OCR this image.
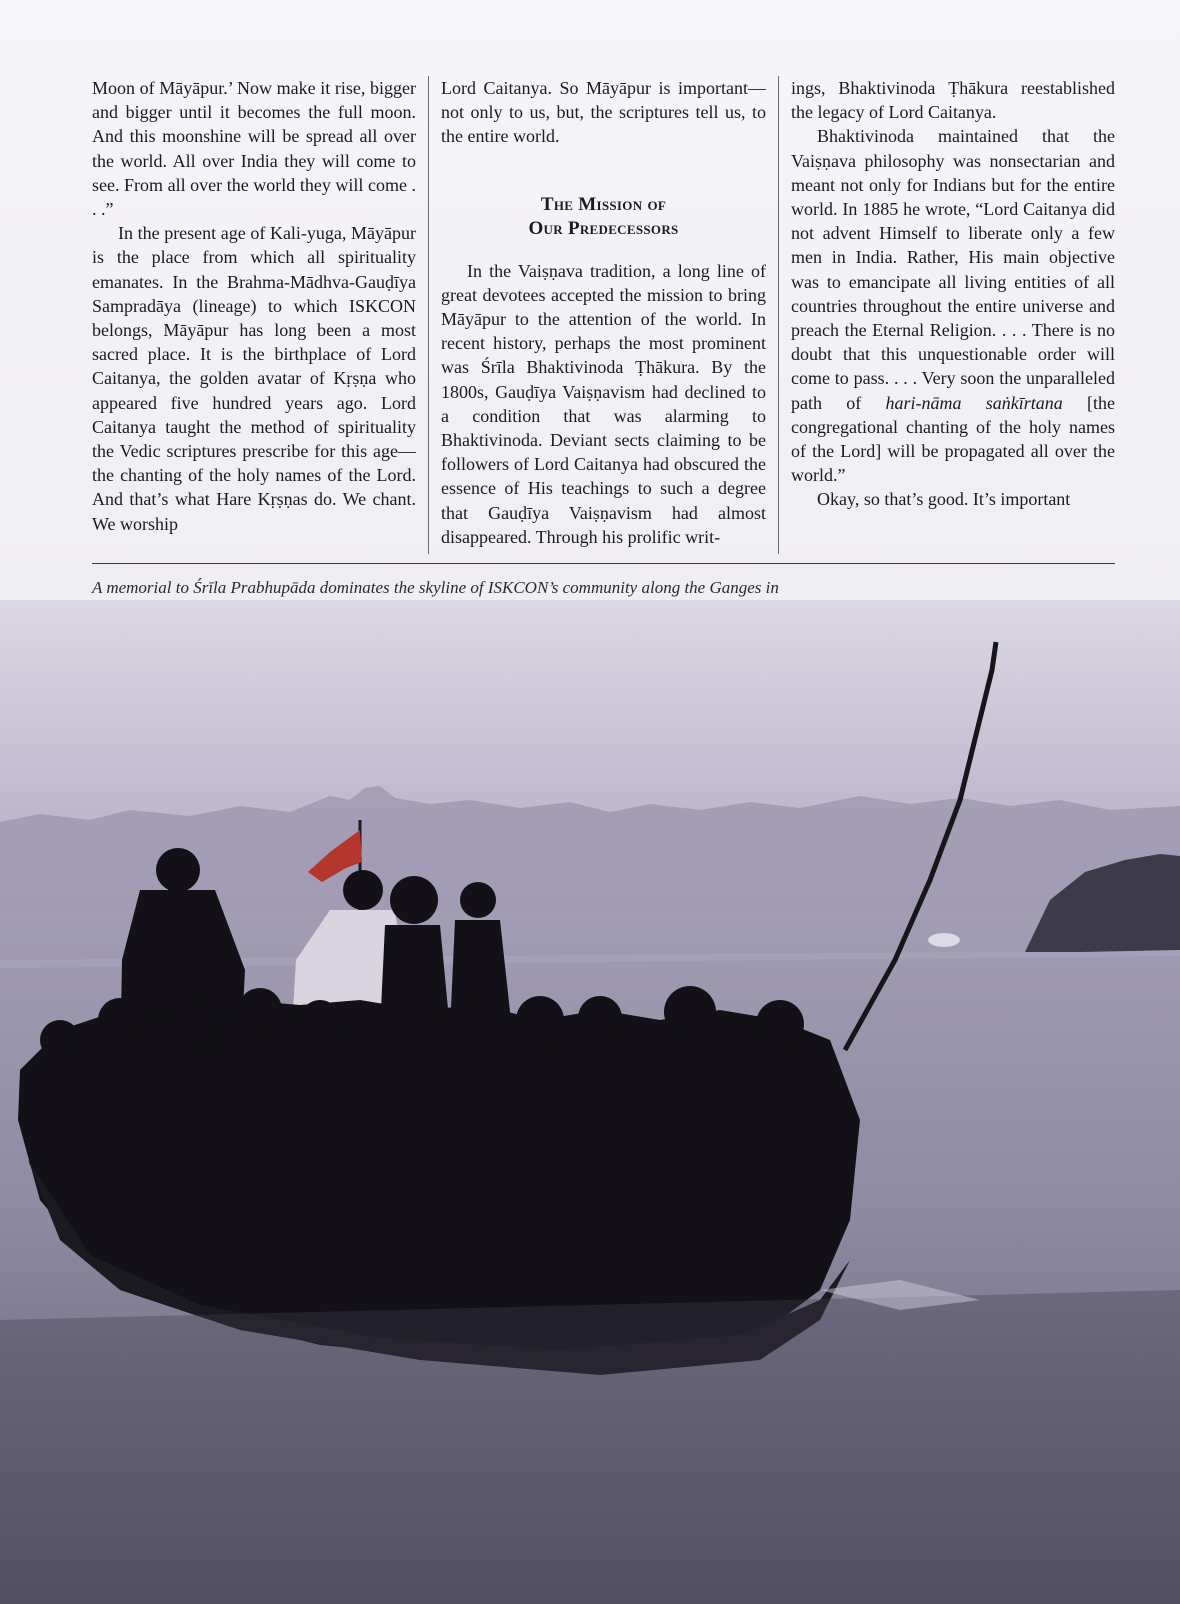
Moon of Māyāpur.’ Now make it rise, bigger and bigger until it becomes the full moon. And this moonshine will be spread all over the world. All over India they will come to see. From all over the world they will come . . .”

In the present age of Kali-yuga, Māyāpur is the place from which all spirituality emanates. In the Brahma-Mādhva-Gauḍīya Sampradāya (lineage) to which ISKCON belongs, Māyāpur has long been a most sacred place. It is the birthplace of Lord Caitanya, the golden avatar of Kṛṣṇa who appeared five hundred years ago. Lord Caitanya taught the method of spirituality the Vedic scriptures prescribe for this age—the chanting of the holy names of the Lord. And that’s what Hare Kṛṣṇas do. We chant. We worship

Lord Caitanya. So Māyāpur is important—not only to us, but, the scriptures tell us, to the entire world.

The Mission of
Our Predecessors

In the Vaiṣṇava tradition, a long line of great devotees accepted the mission to bring Māyāpur to the attention of the world. In recent history, perhaps the most prominent was Śrīla Bhaktivinoda Ṭhākura. By the 1800s, Gauḍīya Vaiṣṇavism had declined to a condition that was alarming to Bhaktivinoda. Deviant sects claiming to be followers of Lord Caitanya had obscured the essence of His teachings to such a degree that Gauḍīya Vaiṣṇavism had almost disappeared. Through his prolific writ-

ings, Bhaktivinoda Ṭhākura reestablished the legacy of Lord Caitanya.

Bhaktivinoda maintained that the Vaiṣṇava philosophy was nonsectarian and meant not only for Indians but for the entire world. In 1885 he wrote, “Lord Caitanya did not advent Himself to liberate only a few men in India. Rather, His main objective was to emancipate all living entities of all countries throughout the entire universe and preach the Eternal Religion. . . . There is no doubt that this unquestionable order will come to pass. . . . Very soon the unparalleled path of hari-nāma saṅkīrtana [the congregational chanting of the holy names of the Lord] will be propagated all over the world.”

Okay, so that’s good. It’s important

A memorial to Śrīla Prabhupāda dominates the skyline of ISKCON’s community along the Ganges in
